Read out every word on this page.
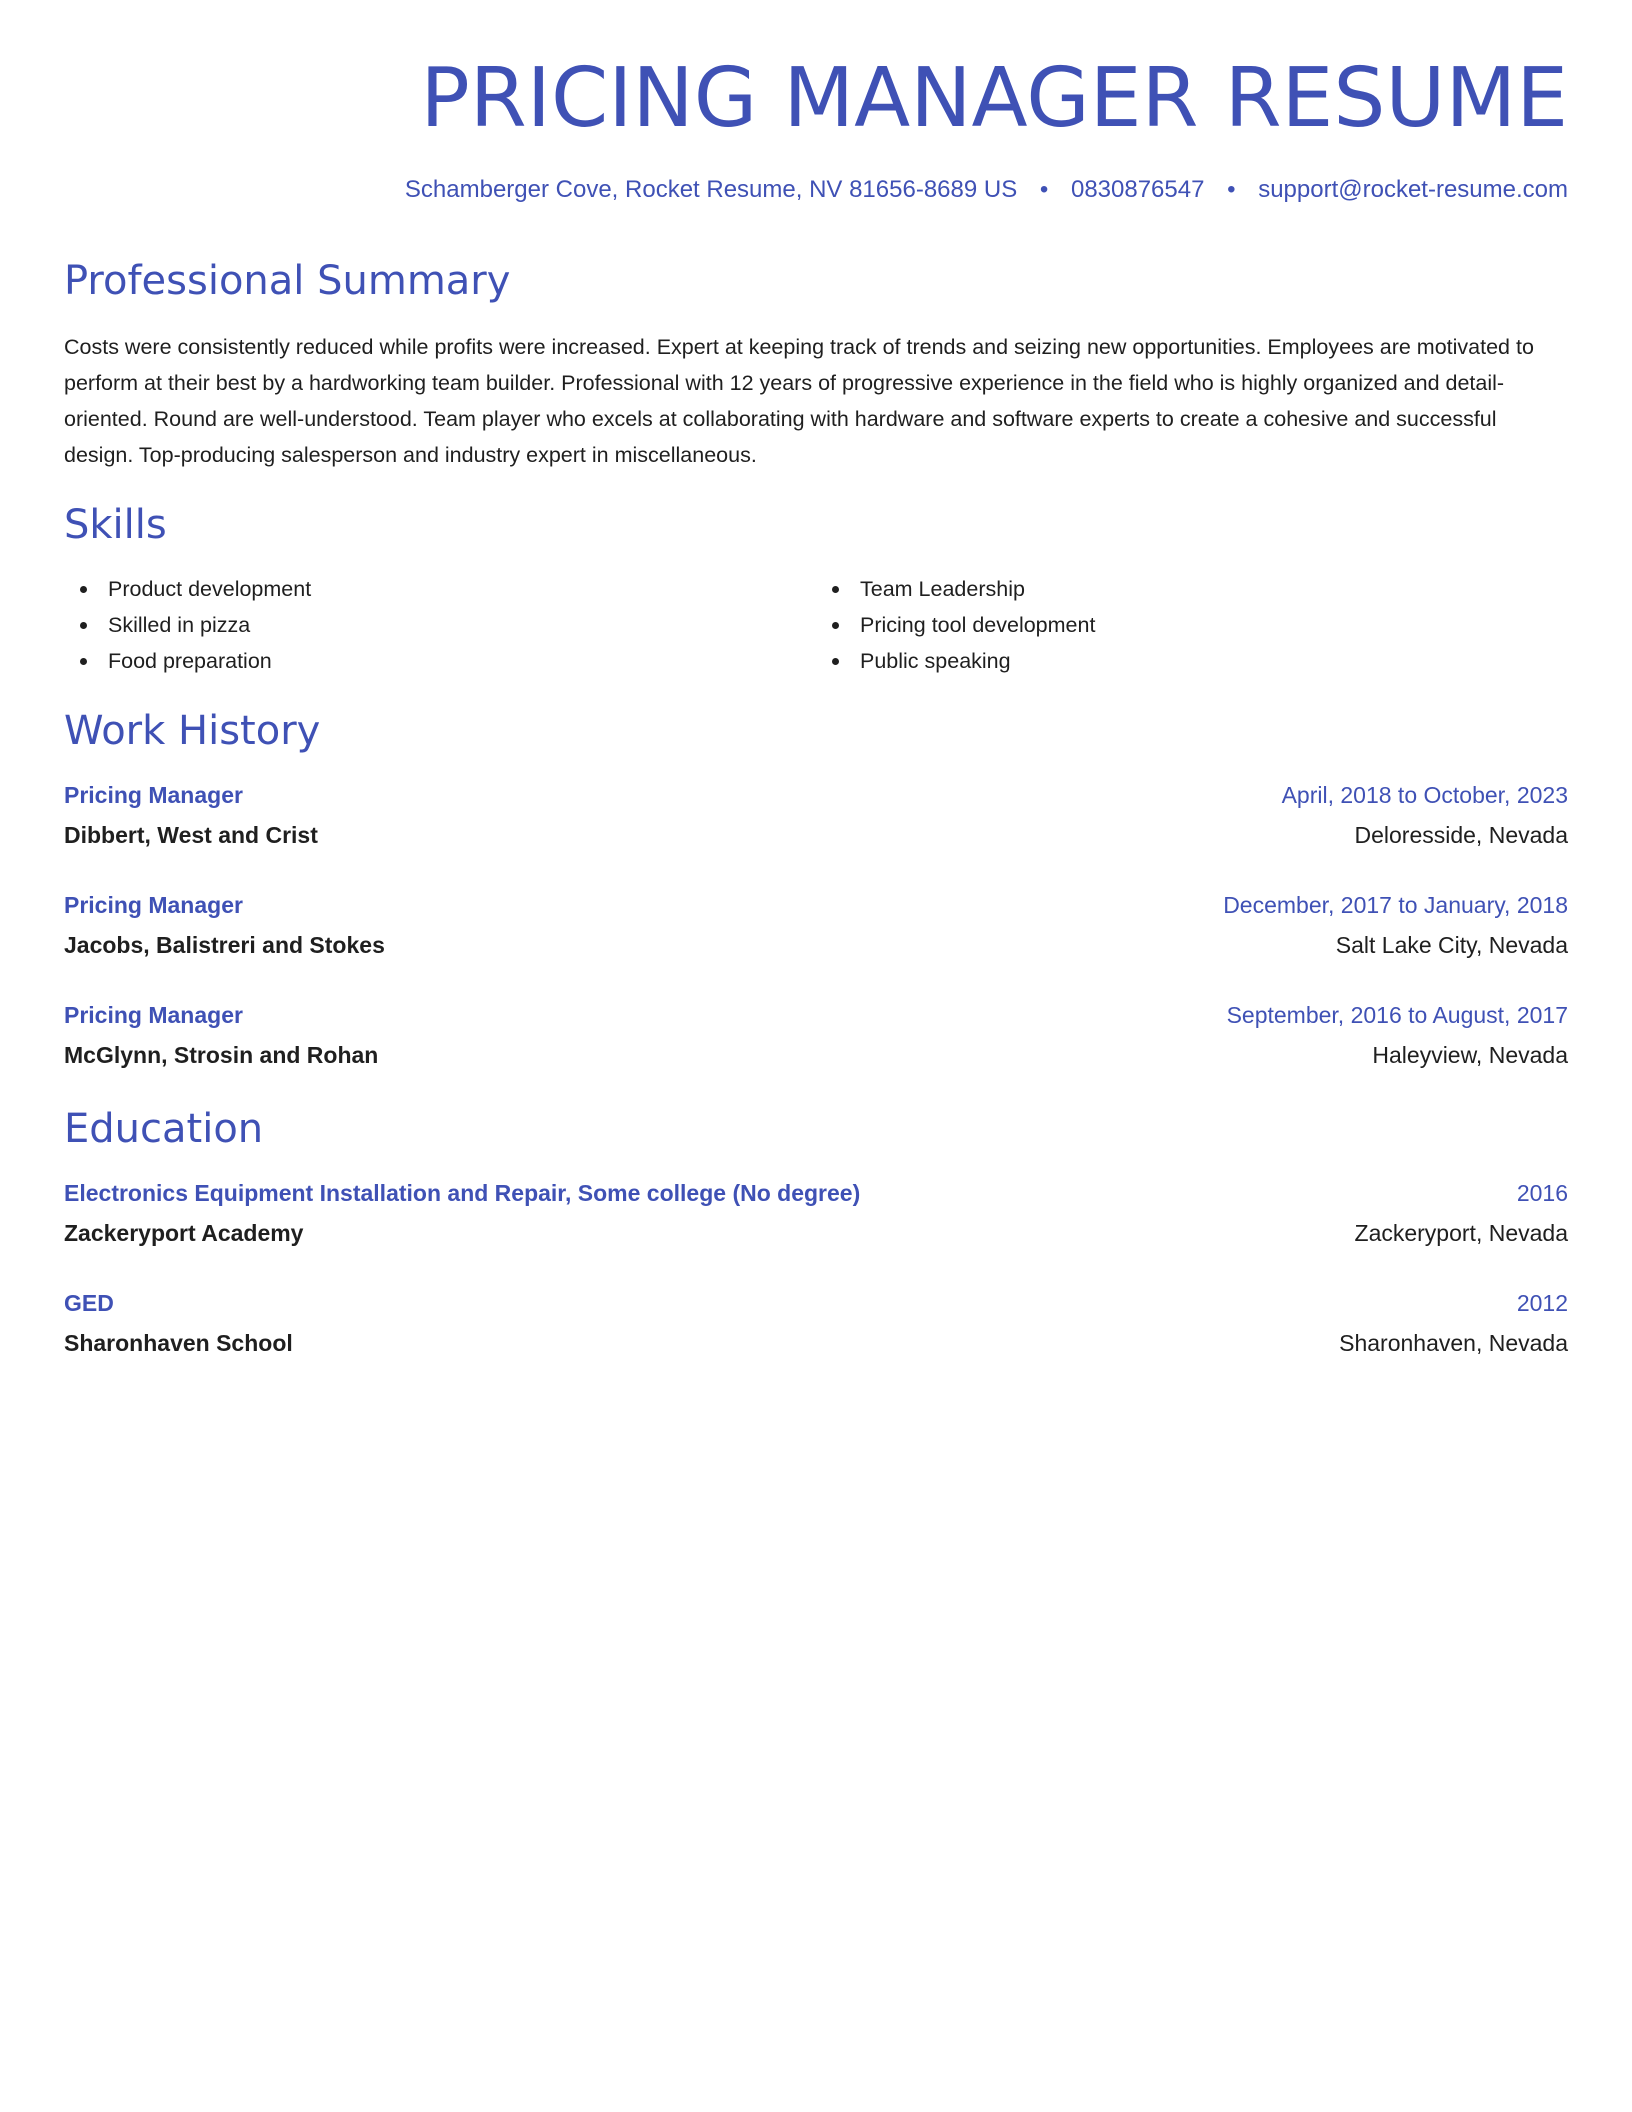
PRICING MANAGER RESUME
Schamberger Cove, Rocket Resume, NV 81656-8689 US • 0830876547 • support@rocket-resume.com
Professional Summary

Costs were consistently reduced while profits were increased. Expert at keeping track of trends and seizing new opportunities. Employees are motivated to perform at their best by a hardworking team builder. Professional with 12 years of progressive experience in the field who is highly organized and detail-oriented. Round are well-understood. Team player who excels at collaborating with hardware and software experts to create a cohesive and successful design. Top-producing salesperson and industry expert in miscellaneous.

Skills
Product development
Skilled in pizza
Food preparation
Team Leadership
Pricing tool development
Public speaking
Work History
Pricing Manager	April, 2018 to October, 2023
Dibbert, West and Crist	Deloresside, Nevada
Pricing Manager	December, 2017 to January, 2018
Jacobs, Balistreri and Stokes	Salt Lake City, Nevada
Pricing Manager	September, 2016 to August, 2017
McGlynn, Strosin and Rohan	Haleyview, Nevada
Education
Electronics Equipment Installation and Repair, Some college (No degree)	2016
Zackeryport Academy	Zackeryport, Nevada
GED	2012
Sharonhaven School	Sharonhaven, Nevada
